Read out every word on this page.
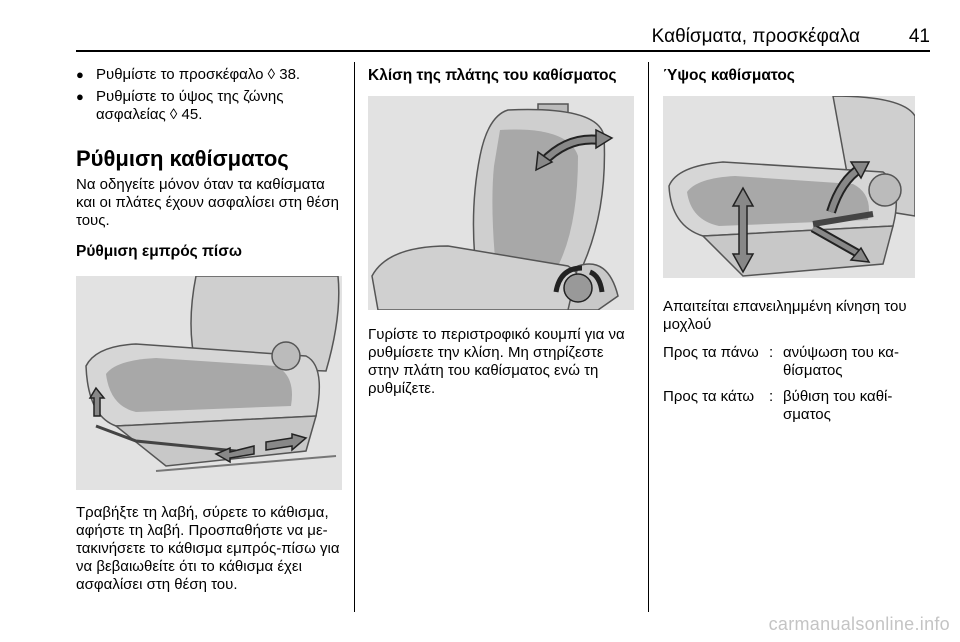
Καθίσματα, προσκέφαλα	41
● Ρυθμίστε το προσκέφαλο ◊ 38.
● Ρυθμίστε το ύψος της ζώνης ασφαλείας ◊ 45.
Ρύθμιση καθίσματος

Να οδηγείτε μόνον όταν τα καθίσματα και οι πλάτες έχουν ασφαλίσει στη θέση τους.

Ρύθμιση εμπρός πίσω

Τραβήξτε τη λαβή, σύρετε το κάθισμα, αφήστε τη λαβή. Προσπαθήστε να μετακινήσετε το κάθισμα εμπρός-πίσω για να βεβαιωθείτε ότι το κάθισμα έχει ασφαλίσει στη θέση του.

Κλίση της πλάτης του καθίσματος

Γυρίστε το περιστροφικό κουμπί για να ρυθμίσετε την κλίση. Μη στηρίζεστε στην πλάτη του καθίσματος ενώ τη ρυθμίζετε.

Ύψος καθίσματος

Απαιτείται επανειλημμένη κίνηση του μοχλού

Προς τα πάνω : ανύψωση του καθίσματος
Προς τα κάτω : βύθιση του καθίσματος
carmanualsonline.info
